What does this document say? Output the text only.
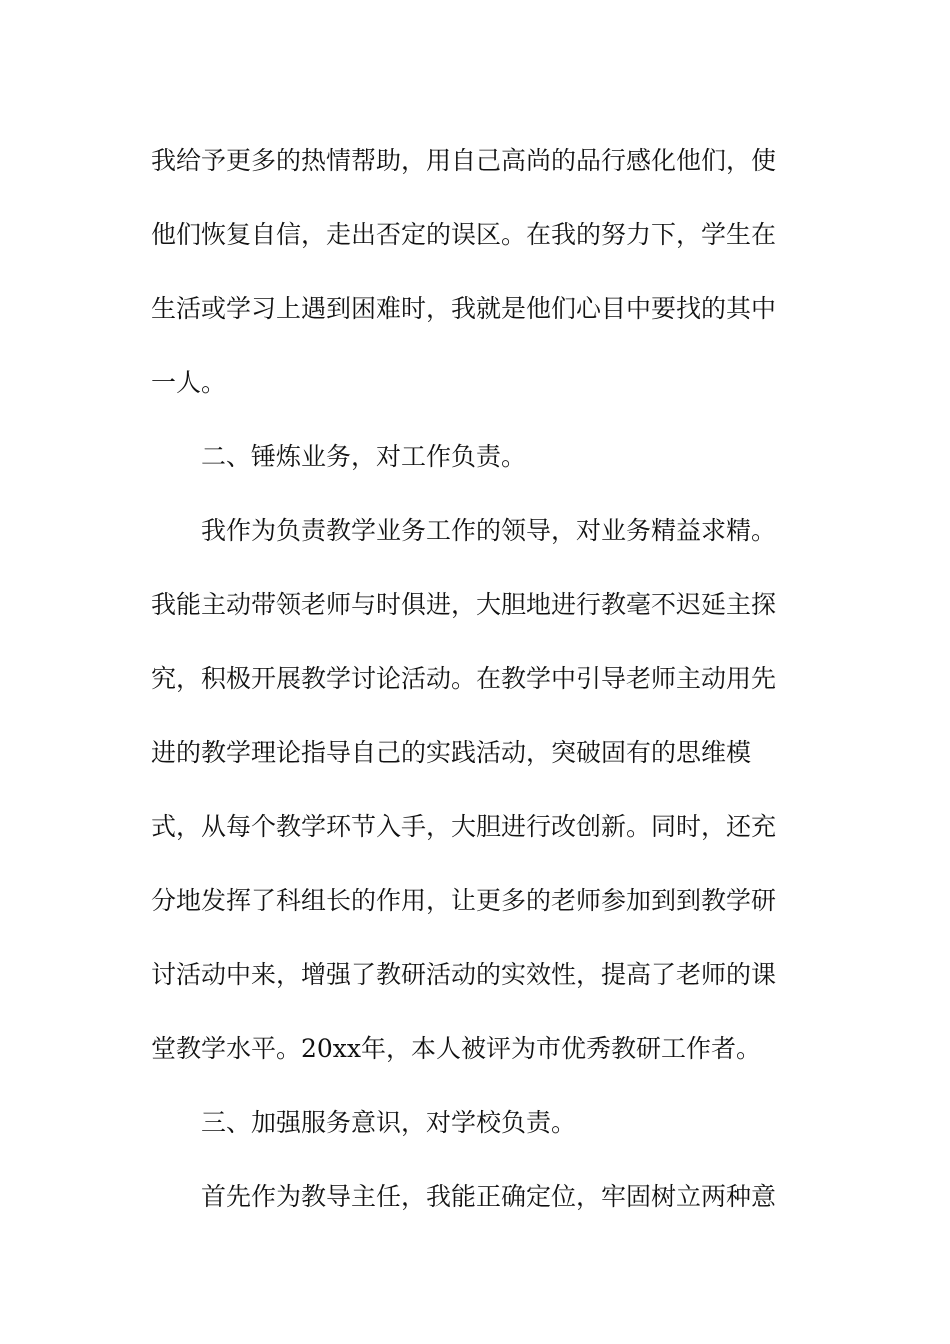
我给予更多的热情帮助，用自己高尚的品行感化他们，使
他们恢复自信，走出否定的误区。在我的努力下，学生在
生活或学习上遇到困难时，我就是他们心目中要找的其中
一人。
二、锤炼业务，对工作负责。
我作为负责教学业务工作的领导，对业务精益求精。
我能主动带领老师与时俱进，大胆地进行教毫不迟延主探
究，积极开展教学讨论活动。在教学中引导老师主动用先
进的教学理论指导自己的实践活动，突破固有的思维模
式，从每个教学环节入手，大胆进行改创新。同时，还充
分地发挥了科组长的作用，让更多的老师参加到到教学研
讨活动中来，增强了教研活动的实效性，提高了老师的课
堂教学水平。20xx年，本人被评为市优秀教研工作者。
三、加强服务意识，对学校负责。
首先作为教导主任，我能正确定位，牢固树立两种意
